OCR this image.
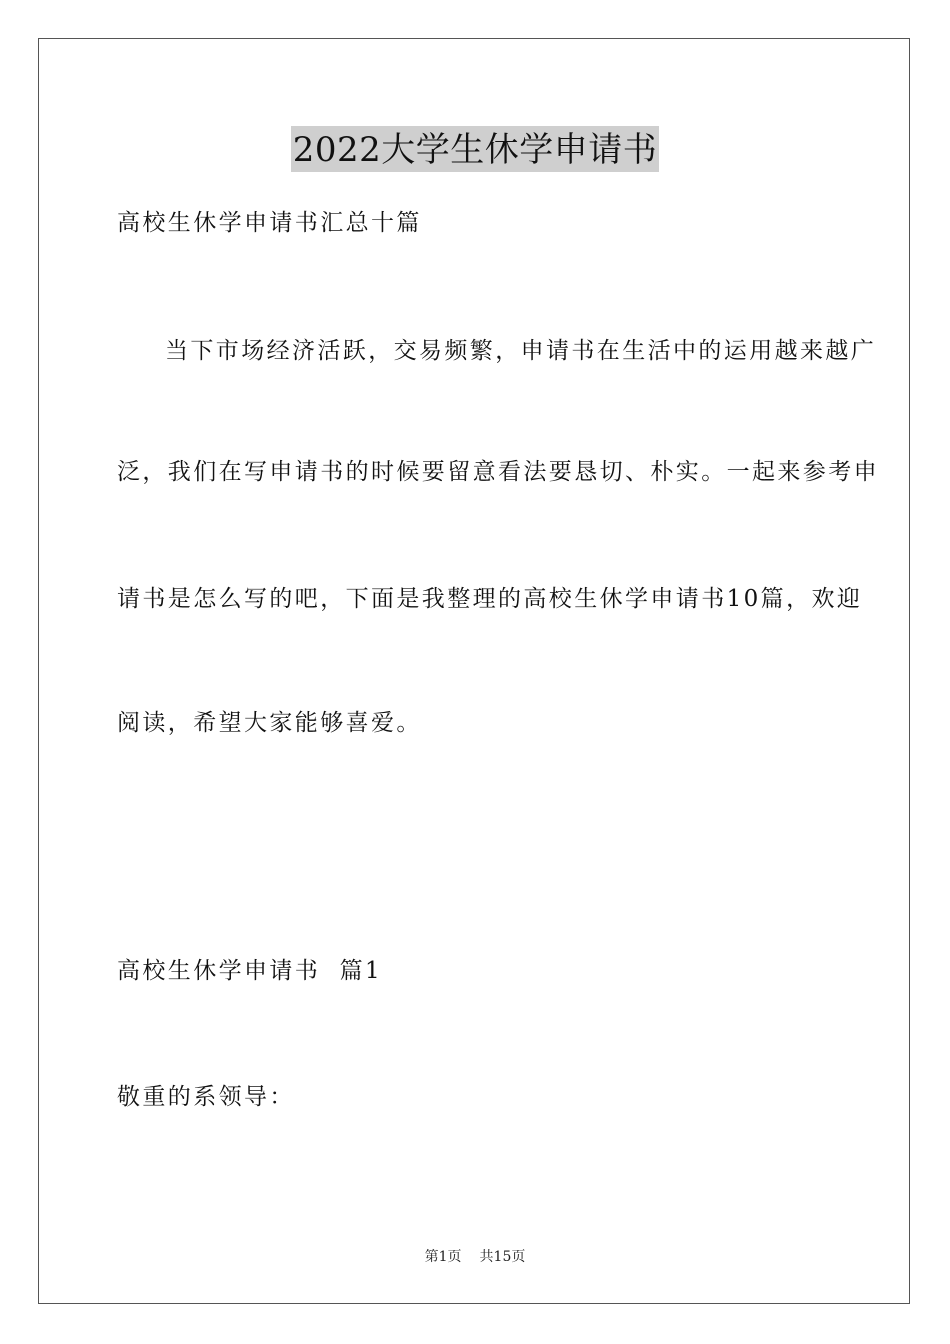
2022大学生休学申请书
高校生休学申请书汇总十篇
当下市场经济活跃，交易频繁，申请书在生活中的运用越来越广
泛，我们在写申请书的时候要留意看法要恳切、朴实。一起来参考申
请书是怎么写的吧，下面是我整理的高校生休学申请书10篇，欢迎
阅读，希望大家能够喜爱。
高校生休学申请书  篇1
敬重的系领导：
第1页 共15页
